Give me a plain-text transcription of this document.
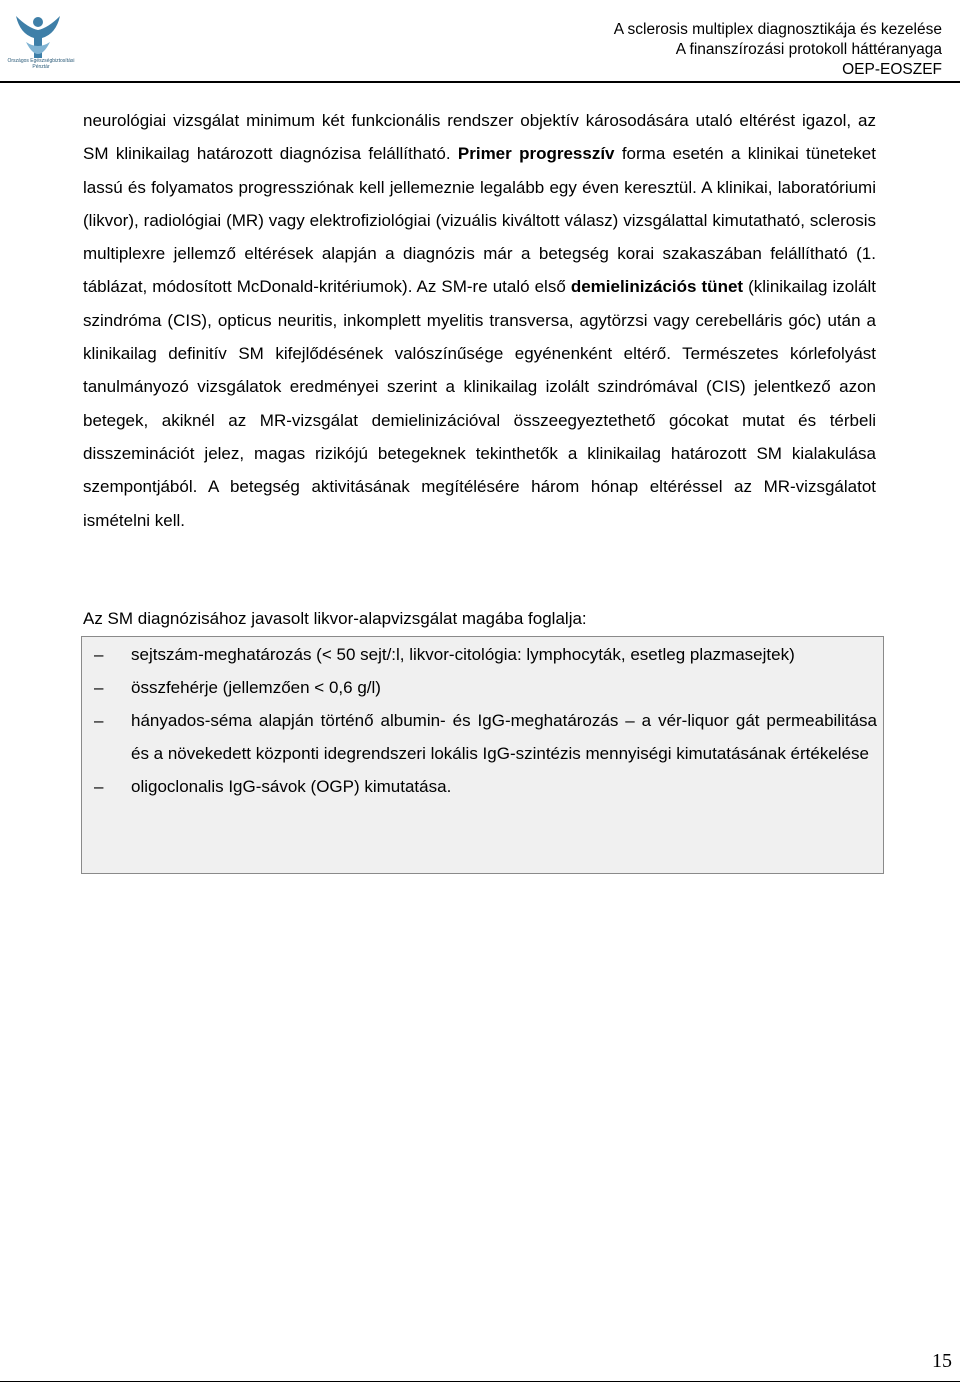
Országos Egészségbiztosítási Pénztár
A sclerosis multiplex diagnosztikája és kezelése
A finanszírozási protokoll háttéranyaga
OEP-EOSZEF
neurológiai vizsgálat minimum két funkcionális rendszer objektív károsodására utaló eltérést igazol, az SM klinikailag határozott diagnózisa felállítható. Primer progresszív forma esetén a klinikai tüneteket lassú és folyamatos progressziónak kell jellemeznie legalább egy éven keresztül. A klinikai, laboratóriumi (likvor), radiológiai (MR) vagy elektrofiziológiai (vizuális kiváltott válasz) vizsgálattal kimutatható, sclerosis multiplexre jellemző eltérések alapján a diagnózis már a betegség korai szakaszában felállítható (1. táblázat, módosított McDonald-kritériumok). Az SM-re utaló első demielinizációs tünet (klinikailag izolált szindróma (CIS), opticus neuritis, inkomplett myelitis transversa, agytörzsi vagy cerebelláris góc) után a klinikailag definitív SM kifejlődésének valószínűsége egyénenként eltérő. Természetes kórlefolyást tanulmányozó vizsgálatok eredményei szerint a klinikailag izolált szindrómával (CIS) jelentkező azon betegek, akiknél az MR-vizsgálat demielinizációval összeegyeztethető gócokat mutat és térbeli disszeminációt jelez, magas rizikójú betegeknek tekinthetők a klinikailag határozott SM kialakulása szempontjából. A betegség aktivitásának megítélésére három hónap eltéréssel az MR-vizsgálatot ismételni kell.
Az SM diagnózisához javasolt likvor-alapvizsgálat magába foglalja:
– sejtszám-meghatározás (< 50 sejt/:l, likvor-citológia: lymphocyták, esetleg plazmasejtek)
– összfehérje (jellemzően < 0,6 g/l)
– hányados-séma alapján történő albumin- és IgG-meghatározás – a vér-liquor gát permeabilitása és a növekedett központi idegrendszeri lokális IgG-szintézis mennyiségi kimutatásának értékelése
– oligoclonalis IgG-sávok (OGP) kimutatása.
15
